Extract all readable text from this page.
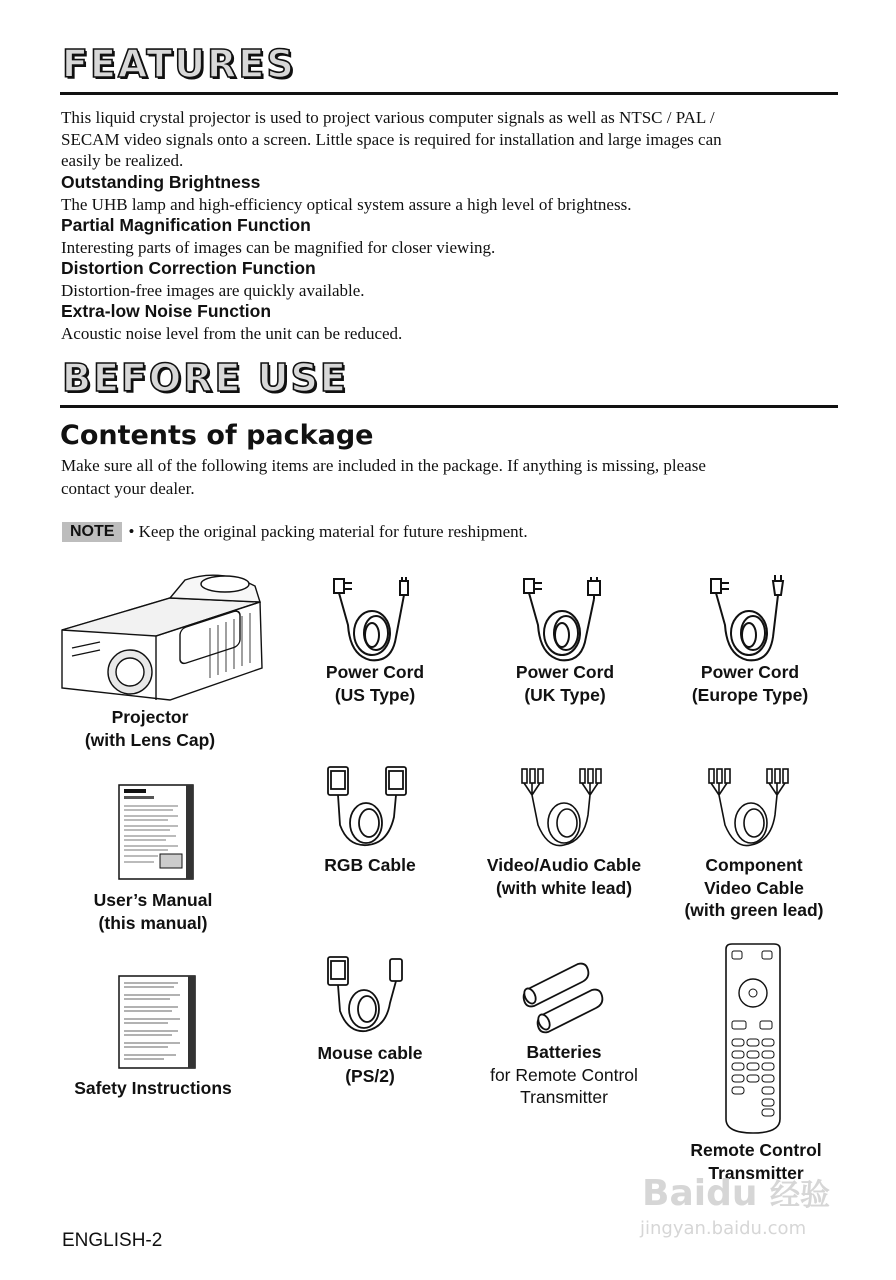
FEATURES
This liquid crystal projector is used to project various computer signals as well as NTSC / PAL /
SECAM video signals onto a screen. Little space is required for installation and large images can
easily be realized.
Outstanding Brightness
The UHB lamp and high-efficiency optical system assure a high level of brightness.
Partial Magnification Function
Interesting parts of images can be magnified for closer viewing.
Distortion Correction Function
Distortion-free images are quickly available.
Extra-low Noise Function
Acoustic noise level from the unit can be reduced.
BEFORE USE
Contents of package
Make sure all of the following items are included in the package. If anything is missing, please
contact your dealer.
NOTE • Keep the original packing material for future reshipment.
Projector
(with Lens Cap)
Power Cord
(US Type)
Power Cord
(UK Type)
Power Cord
(Europe Type)
User’s Manual
(this manual)
RGB Cable	Video/Audio Cable
(with white lead)
Component
Video Cable
(with green lead)
Safety Instructions
Mouse cable
(PS/2)
Batteries
for Remote Control
Transmitter
Remote Control
Transmitter
ENGLISH-2
Baidu 经验
jingyan.baidu.com
